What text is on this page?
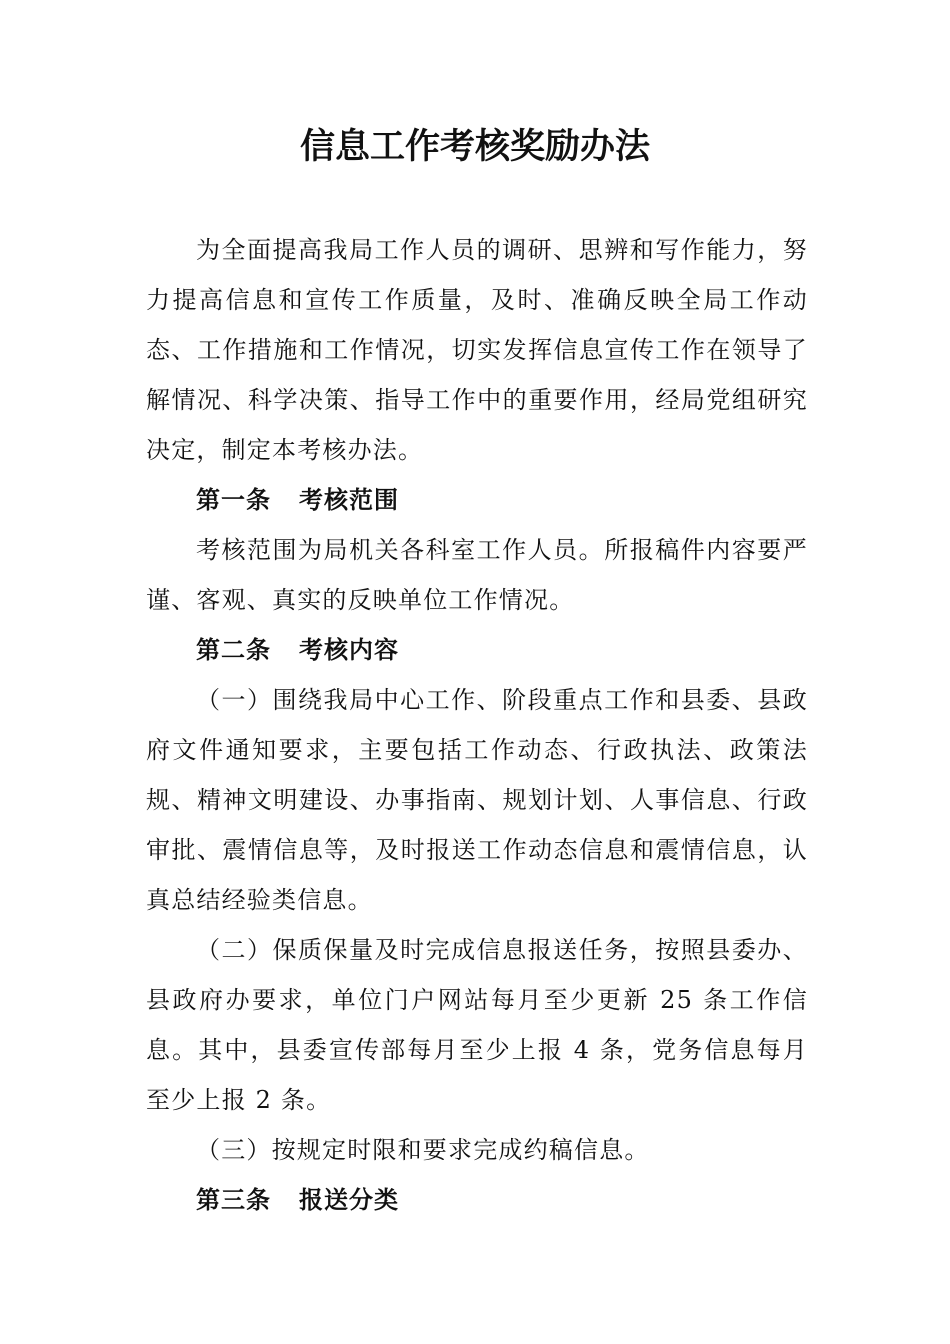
信息工作考核奖励办法

为全面提高我局工作人员的调研、思辨和写作能力，努力提高信息和宣传工作质量，及时、准确反映全局工作动态、工作措施和工作情况，切实发挥信息宣传工作在领导了解情况、科学决策、指导工作中的重要作用，经局党组研究决定，制定本考核办法。

第一条 考核范围

考核范围为局机关各科室工作人员。所报稿件内容要严谨、客观、真实的反映单位工作情况。

第二条 考核内容

（一）围绕我局中心工作、阶段重点工作和县委、县政府文件通知要求，主要包括工作动态、行政执法、政策法规、精神文明建设、办事指南、规划计划、人事信息、行政审批、震情信息等，及时报送工作动态信息和震情信息，认真总结经验类信息。

（二）保质保量及时完成信息报送任务，按照县委办、县政府办要求，单位门户网站每月至少更新 25 条工作信息。其中，县委宣传部每月至少上报 4 条，党务信息每月至少上报 2 条。

（三）按规定时限和要求完成约稿信息。

第三条 报送分类
